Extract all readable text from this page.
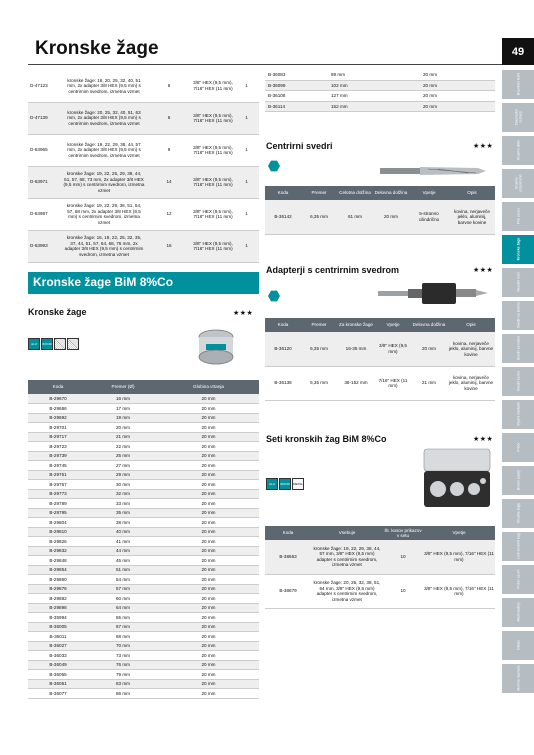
Kronske žage	49
Brusilniki kotni
Diamantni rezkarji
Brusilni diski
Brusilni pripomočki
Pila za les
Kronske žage
Rezalni noži
Svedri za kovino
Svedri za beton
Svedri za les
Vijačni nastavki
Pribor
Brusni papirji
Vbodne žage
Listi krožnih žag
Pribor za vrt
Akumulatorji
Ostalo
Merilne naprave
D-47123	kronske žage: 16, 20, 25, 32, 40, 51 mm, 2x adapter 3/8 HEX (9,5 mm) s centrirnim svedrom, izmetna vzmet	6	3/8" HEX (9,5 mm), 7/16" HEX (11 mm)	1
D-47139	kronske žage: 20, 25, 32, 40, 51, 63 mm, 2x adapter 3/8 HEX (9,5 mm) s centrirnim svedrom, izmetna vzmet	6	3/8" HEX (9,5 mm), 7/16" HEX (11 mm)	1
D-63965	kronske žage: 19, 22, 29, 38, 44, 57 mm, 2x adapter 3/8 HEX (9,5 mm) s centrirnim svedrom, izmetna vzmet	9	3/8" HEX (9,5 mm), 7/16" HEX (11 mm)	1
D-63971	kronske žage: 19, 22, 25, 29, 38, 44, 51, 57, 68, 73 mm, 2x adapter 3/8 HEX (9,5 mm) s centrirnim svedrom, izmetna vzmet	14	3/8" HEX (9,5 mm), 7/16" HEX (11 mm)	1
D-63987	kronske žage: 19, 22, 29, 38, 51, 54, 57, 68 mm, 2x adapter 3/8 HEX (9,5 mm) s centrirnim svedrom, izmetna vzmet	12	3/8" HEX (9,5 mm), 7/16" HEX (11 mm)	1
D-63993	kronske žage: 16, 19, 22, 25, 32, 35, 37, 44, 51, 57, 64, 68, 76 mm, 2x adapter 3/8 HEX (9,5 mm) s centrirnim svedrom, izmetna vzmet	16	3/8" HEX (9,5 mm), 7/16" HEX (11 mm)	1
B-36083	89 mm	20 mm
B-36099	102 mm	20 mm
B-36108	127 mm	20 mm
B-36114	152 mm	20 mm
Centrirni svedri	★★★
Koda	Premer	Celotna dolžina	Delovna dolžina	Vpetje	Opis
B-36142	6,35 mm	61 mm	20 mm	5-stranno cilindrično	kovina, nerjaveče jeklo, aluminij, barvne kovine
Adapterji s centrirnim svedrom	★★★
Koda	Premer	Za kronske žage	Vpetje	Delovna dolžina	Opis
B-36120	6,35 mm	16-35 mm	3/8" HEX (9,5 mm)	20 mm	kovina, nerjaveče jeklo, aluminij, barvne kovine
B-36136	6,35 mm	38-152 mm	7/16" HEX (11 mm)	21 mm	kovina, nerjaveče jeklo, aluminij, barvne kovine
Seti kronskih žag BiM 8%Co	★★★
ALU	WOOD	METAL
Koda	Vsebuje	Št. kosov prikazov v setu	Vpetje
B-38663	kronske žage: 19, 22, 29, 38, 44, 57 mm, 3/8" HEX (9,5 mm) adapter s centrirnim svedrom, izmetna vzmet	10	3/8" HEX (9,5 mm), 7/16" HEX (11 mm)
B-38679	kronske žage: 20, 25, 32, 38, 51, 64 mm, 3/8" HEX (9,5 mm) adapter s centrirnim svedrom, izmetna vzmet	10	3/8" HEX (9,5 mm), 7/16" HEX (11 mm)
Kronske žage BiM 8%Co
Kronske žage	★★★
ALU	WOOD
Koda	Premer (Ø)	Globina vrtanja
B-29670	16 mm	20 mm
B-29686	17 mm	20 mm
B-29692	19 mm	20 mm
B-29701	20 mm	20 mm
B-29717	21 mm	20 mm
B-29723	22 mm	20 mm
B-29739	25 mm	20 mm
B-29745	27 mm	20 mm
B-29751	29 mm	20 mm
B-29767	30 mm	20 mm
B-29773	32 mm	20 mm
B-29789	33 mm	20 mm
B-29795	35 mm	20 mm
B-29804	38 mm	20 mm
B-29810	40 mm	20 mm
B-29826	41 mm	20 mm
B-29832	44 mm	20 mm
B-29848	45 mm	20 mm
B-29854	51 mm	20 mm
B-29860	54 mm	20 mm
B-29876	57 mm	20 mm
B-29882	60 mm	20 mm
B-29898	64 mm	20 mm
B-35994	65 mm	20 mm
B-36005	67 mm	20 mm
B-36011	68 mm	20 mm
B-36027	70 mm	20 mm
B-36033	73 mm	20 mm
B-36049	76 mm	20 mm
B-36055	79 mm	20 mm
B-36061	83 mm	20 mm
B-36077	86 mm	20 mm
